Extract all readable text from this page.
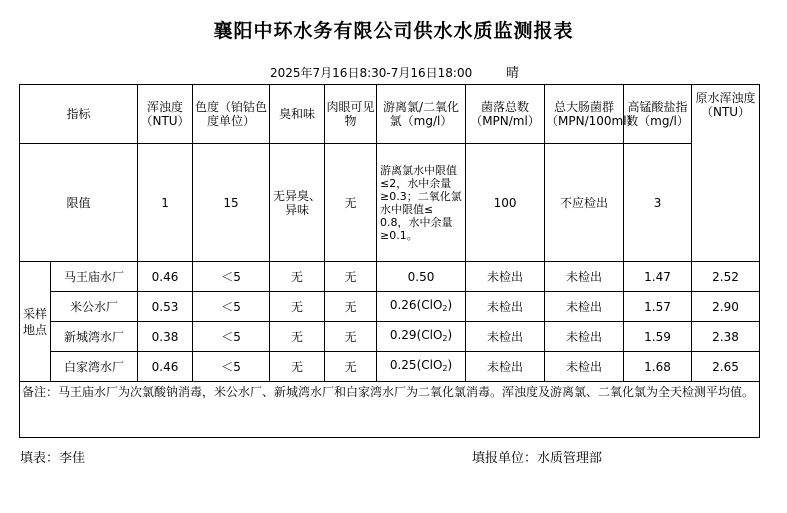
襄阳中环水务有限公司供水水质监测报表
2025年7月16日8:30-7月16日18:00	晴
指标		浑浊度（NTU）	色度（铂钴色度单位）	臭和味	肉眼可见物	游离氯/二氧化氯（mg/l）	菌落总数（MPN/ml）	总大肠菌群（MPN/100ml）	高锰酸盐指数（mg/l）	原水浑浊度（NTU）
限值		1	15	无异臭、异味	无	游离氯水中限值 ≤2，水中余量≥0.3；二氧化氯水中限值≤ 0.8，水中余量≥0.1。	100	不应检出	3	
采样地点	马王庙水厂	0.46	＜5	无	无	0.50	未检出	未检出	1.47	2.52
	米公水厂	0.53	＜5	无	无	0.26(ClO$_2$)	未检出	未检出	1.57	2.90
	新城湾水厂	0.38	＜5	无	无	0.29(ClO$_2$)	未检出	未检出	1.59	2.38
	白家湾水厂	0.46	＜5	无	无	0.25(ClO$_2$)	未检出	未检出	1.68	2.65
备注：马王庙水厂为次氯酸钠消毒，米公水厂、新城湾水厂和白家湾水厂为二氧化氯消毒。浑浊度及游离氯、二氧化氯为全天检测平均值。										
填表：李佳	填报单位：水质管理部
